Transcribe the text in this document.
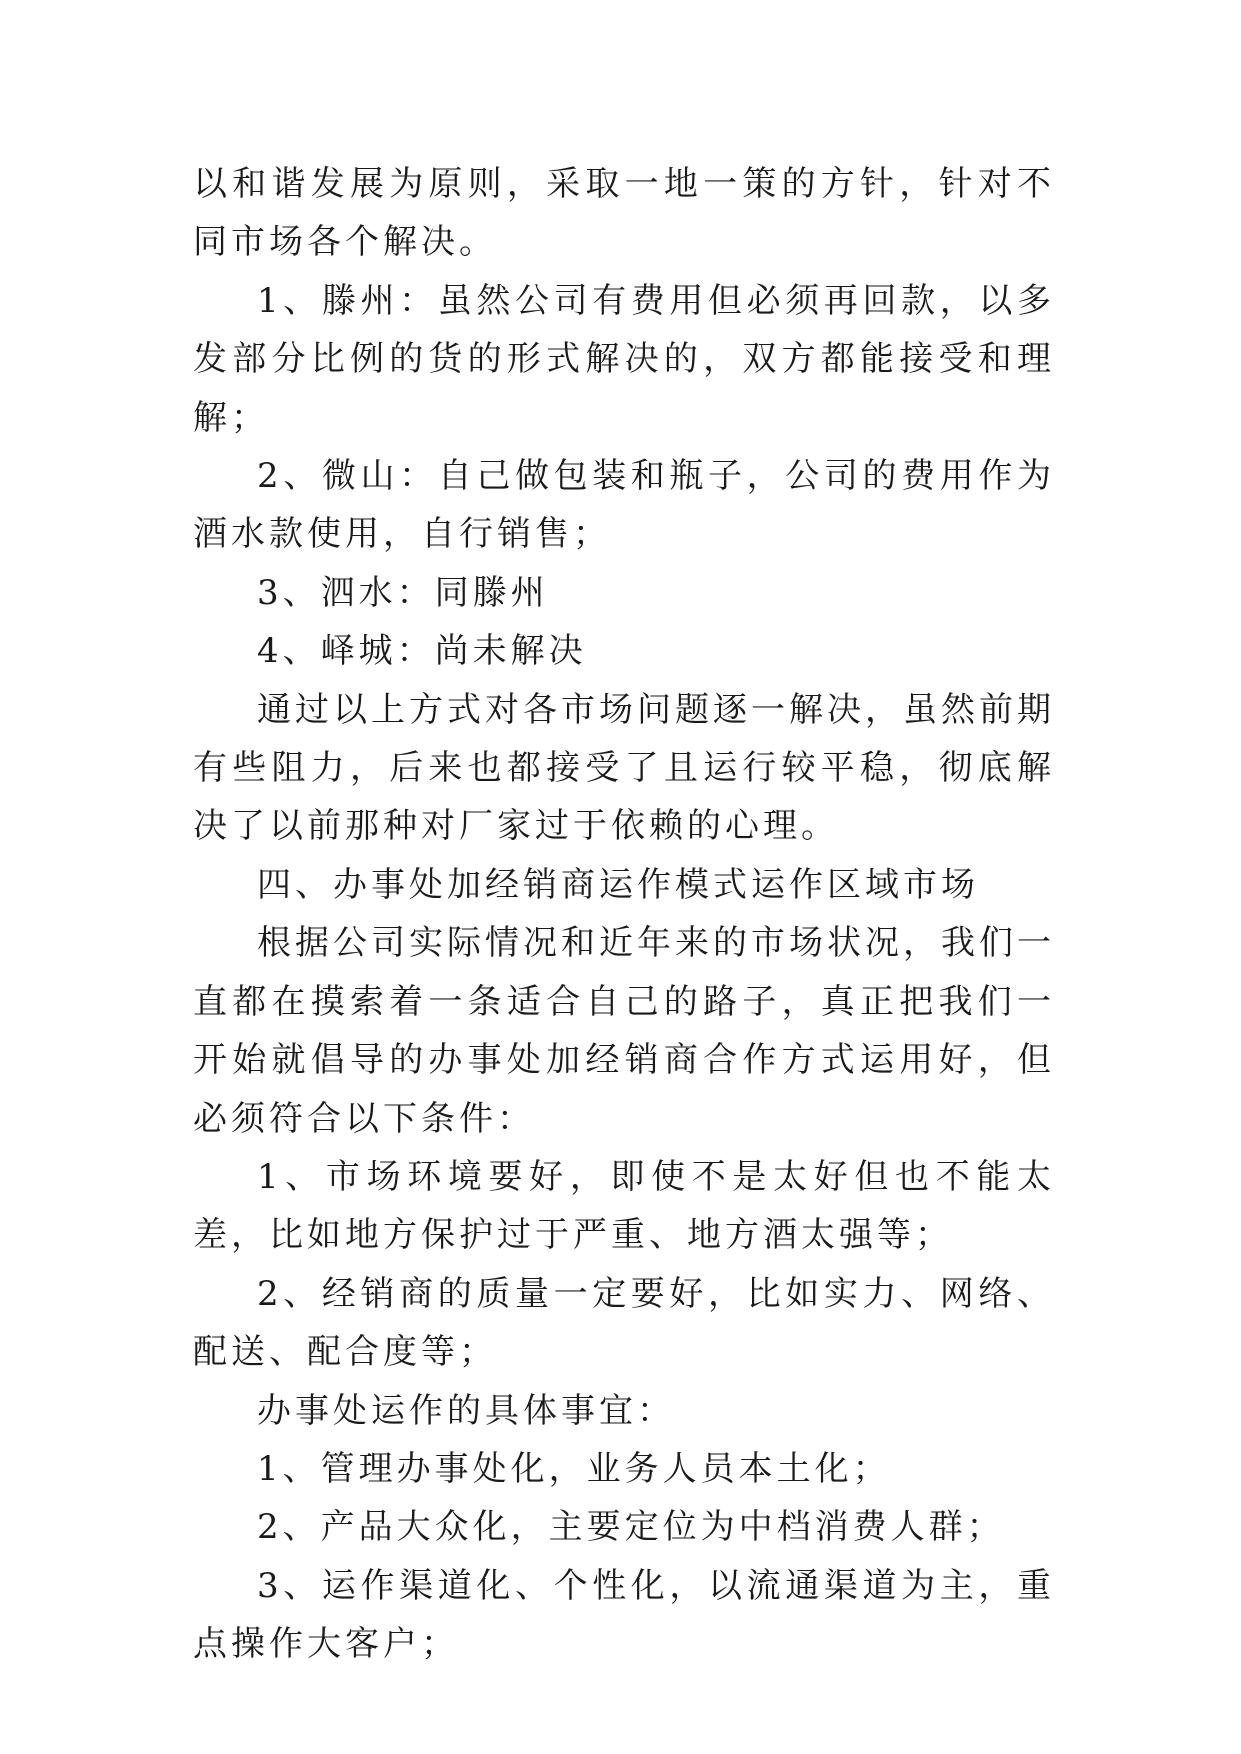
以和谐发展为原则，采取一地一策的方针，针对不同市场各个解决。

1、滕州：虽然公司有费用但必须再回款，以多发部分比例的货的形式解决的，双方都能接受和理解；

2、微山：自己做包装和瓶子，公司的费用作为酒水款使用，自行销售；

3、泗水：同滕州

4、峄城：尚未解决

通过以上方式对各市场问题逐一解决，虽然前期有些阻力，后来也都接受了且运行较平稳，彻底解决了以前那种对厂家过于依赖的心理。

四、办事处加经销商运作模式运作区域市场

根据公司实际情况和近年来的市场状况，我们一直都在摸索着一条适合自己的路子，真正把我们一开始就倡导的办事处加经销商合作方式运用好，但必须符合以下条件：

1、市场环境要好，即使不是太好但也不能太差，比如地方保护过于严重、地方酒太强等；

2、经销商的质量一定要好，比如实力、网络、配送、配合度等；

办事处运作的具体事宜：

1、管理办事处化，业务人员本土化；

2、产品大众化，主要定位为中档消费人群；

3、运作渠道化、个性化，以流通渠道为主，重点操作大客户；
